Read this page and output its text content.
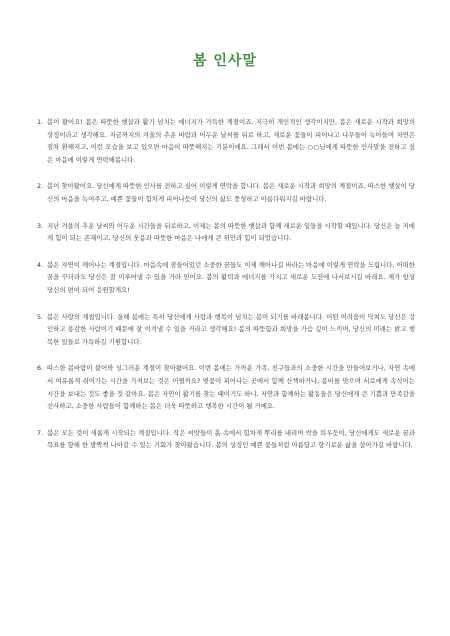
봄 인사말
1. 봄이 왔어요! 봄은 따뜻한 햇살과 활기 넘치는 에너지가 가득한 계절이죠. 지극히 개인적인 생각이지만, 봄은 새로운 시작과 희망의 상징이라고 생각해요. 지금까지의 겨울의 추운 바람과 어두운 날씨를 뒤로 하고, 새로운 꽃들이 피어나고 나무들이 녹아들며 자연은 점차 환해지고, 이런 모습을 보고 있으면 마음이 따뜻해지는 기분이에요. 그래서 이번 봄에는 ○○님에게 따뜻한 인사말을 전하고 싶은 마음에 이렇게 연락해봅니다.
2. 봄이 찾아왔어요. 당신에게 따뜻한 인사를 전하고 싶어 이렇게 연락을 합니다. 봄은 새로운 시작과 희망의 계절이죠. 따스한 햇살이 당신의 마음을 녹여주고, 예쁜 꽃들이 힘차게 피어나듯이 당신의 삶도 풍성하고 아름다워지길 바랍니다.
3. 지난 겨울의 추운 날씨와 어두운 시간들을 뒤로하고, 이제는 봄의 따뜻한 햇살과 함께 새로운 일들을 시작할 때입니다. 당신은 늘 저에게 힘이 되는 존재이고, 당신의 웃음과 따뜻한 마음은 나에게 큰 위안과 힘이 되었습니다.
4. 봄은 자연이 깨어나는 계절입니다. 마음속에 잠들어있던 소중한 꿈들도 이제 깨어나길 바라는 마음에 이렇게 연락을 드립니다. 어떠한 꿈을 꾸더라도 당신은 잘 이루어낼 수 있을 거라 믿어요. 봄의 활력과 에너지를 가지고 새로운 도전에 나서보시길 바래요. 제가 항상 당신의 편이 되어 응원할게요!
5. 봄은 사랑의 계절입니다. 올해 봄에는 특히 당신에게 사랑과 행복이 넘치는 봄이 되기를 바래봅니다. 어떤 어려움이 닥쳐도 당신은 강인하고 용감한 사람이기 때문에 잘 이겨낼 수 있을 거라고 생각해요! 봄의 따뜻함과 희망을 가슴 깊이 느끼며, 당신의 미래는 밝고 행복한 일들로 가득하길 기원합니다.
6. 따스한 봄바람이 불어와 싱그러운 계절이 찾아왔어요. 이번 봄에는 가까운 가족, 친구들과의 소중한 시간을 만들어보거나, 자연 속에서 여유롭게 쉬어가는 시간을 가져보는 것은 어떨까요? 벚꽃이 피어나는 곳에서 함께 산책하거나, 봄비를 맞으며 서로에게 속삭이는 시간을 보내는 것도 좋을 것 같아요. 봄은 자연이 활기를 찾는 때이기도 하니, 자연과 함께하는 활동들은 당신에게 큰 기쁨과 만족감을 선사하고, 소중한 사람들이 함께하는 봄은 더욱 따뜻하고 행복한 시간이 될 거예요.
7. 봄은 모든 것이 새롭게 시작되는 계절입니다. 작은 씨앗들이 흙 속에서 힘차게 뿌리를 내리며 싹을 틔우듯이, 당신에게도 새로운 꿈과 목표를 향해 한 발짝씩 나아갈 수 있는 기회가 찾아왔습니다. 봄의 상징인 예쁜 꽃들처럼 아름답고 향기로운 삶을 살아가길 바랍니다.
